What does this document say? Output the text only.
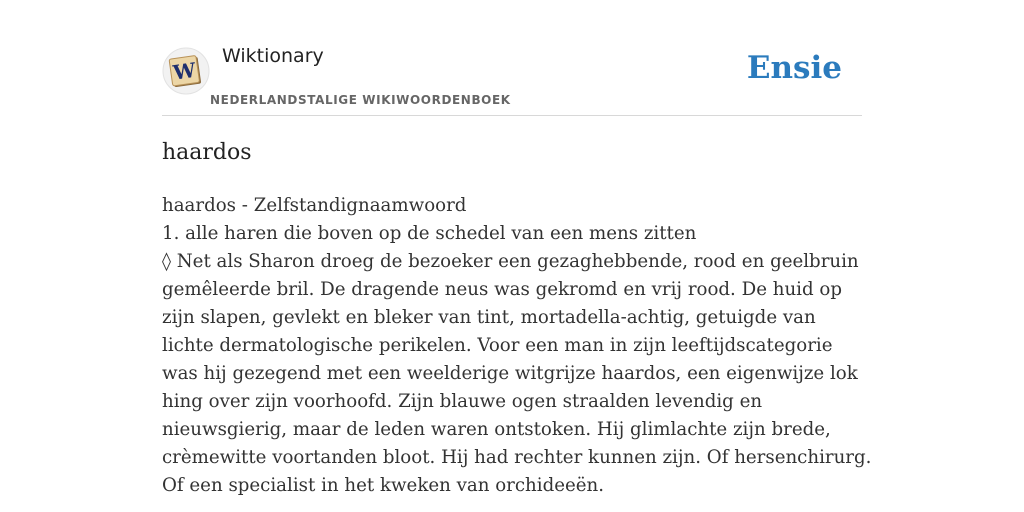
W
Wiktionary
NEDERLANDSTALIGE WIKIWOORDENBOEK
Ensie
haardos

haardos - Zelfstandignaamwoord

1. alle haren die boven op de schedel van een mens zitten

◊ Net als Sharon droeg de bezoeker een gezaghebbende, rood en geelbruin gemêleerde bril. De dragende neus was gekromd en vrij rood. De huid op zijn slapen, gevlekt en bleker van tint, mortadella-achtig, getuigde van lichte dermatologische perikelen. Voor een man in zijn leeftijdscategorie was hij gezegend met een weelderige witgrijze haardos, een eigenwijze lok hing over zijn voorhoofd. Zijn blauwe ogen straalden levendig en nieuwsgierig, maar de leden waren ontstoken. Hij glimlachte zijn brede, crèmewitte voortanden bloot. Hij had rechter kunnen zijn. Of hersenchirurg. Of een specialist in het kweken van orchideeën.
